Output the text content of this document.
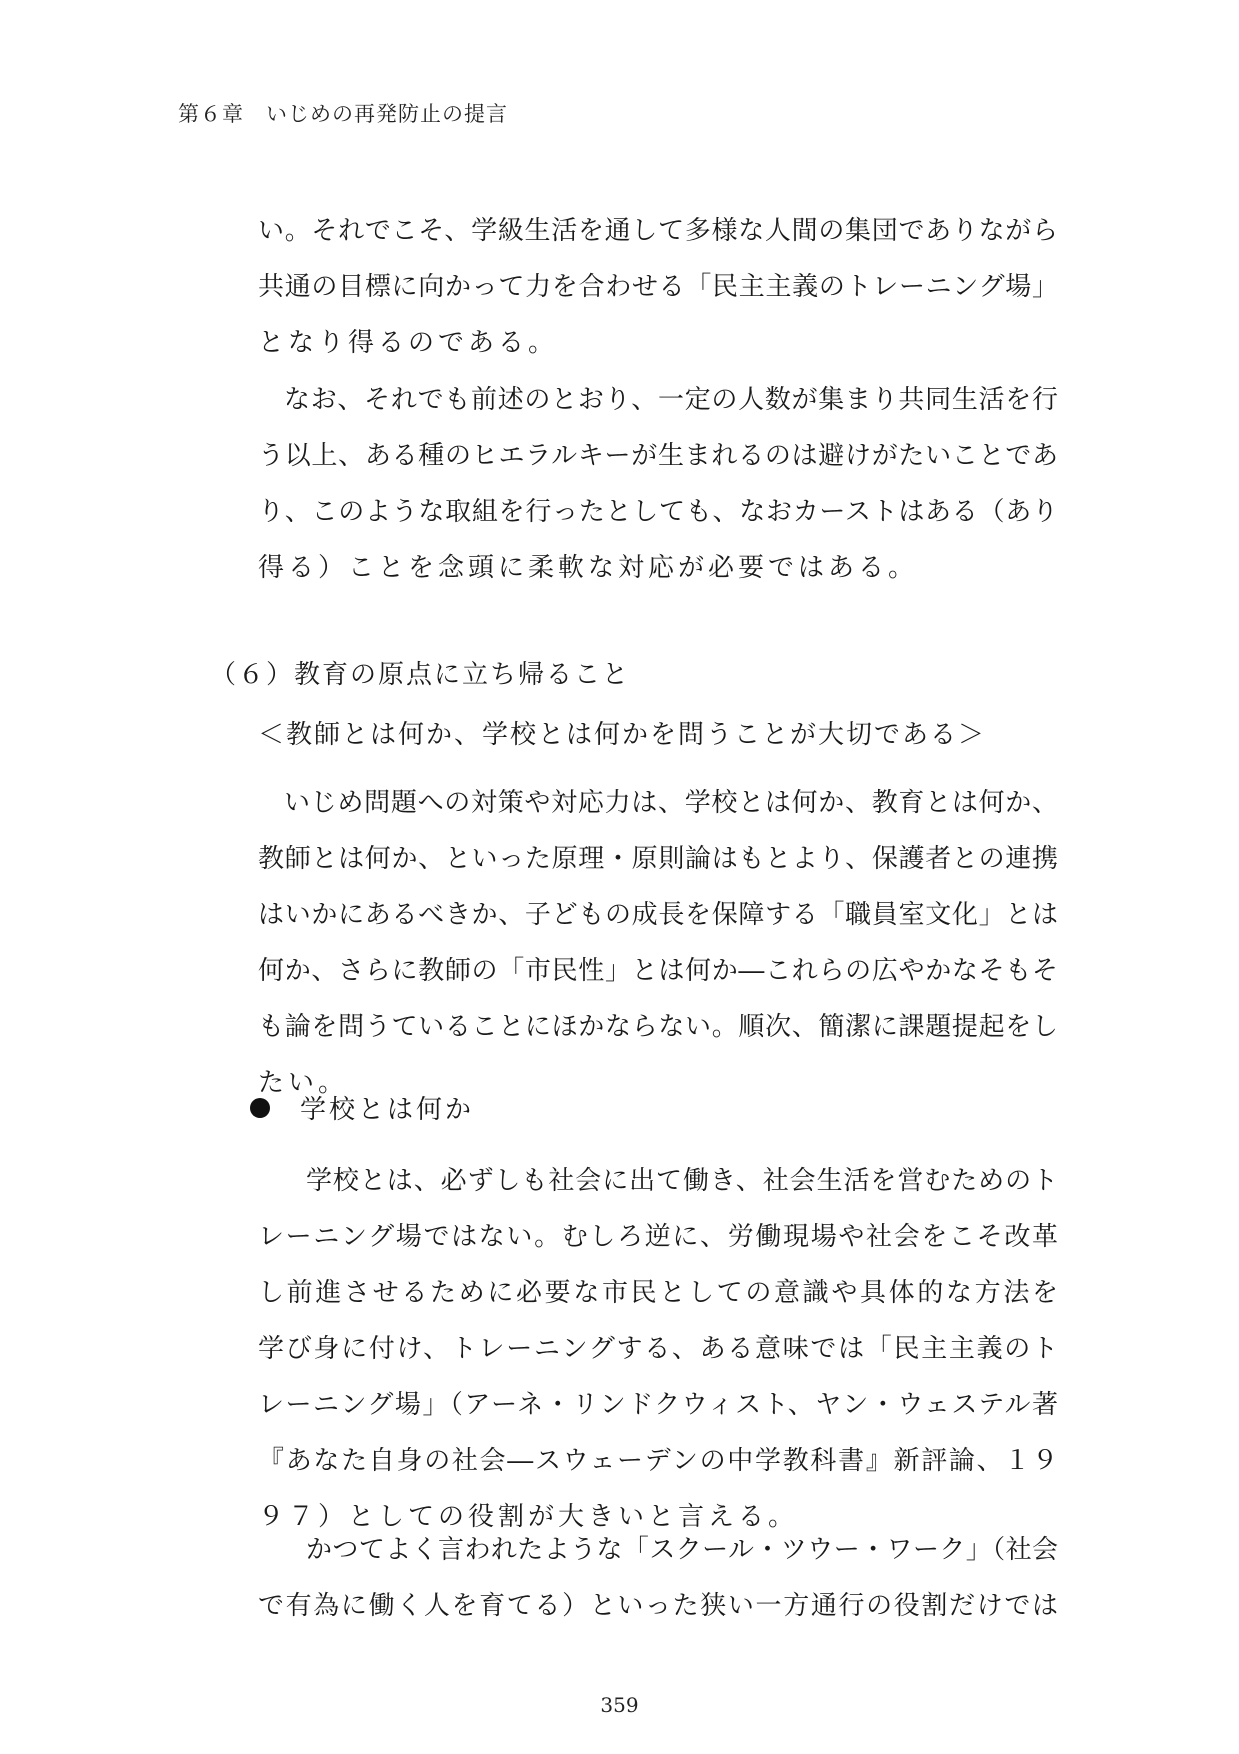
第６章　いじめの再発防止の提言
い。それでこそ、学級生活を通して多様な人間の集団でありながら
共通の目標に向かって力を合わせる「民主主義のトレーニング場」
となり得るのである。
なお、それでも前述のとおり、一定の人数が集まり共同生活を行
う以上、ある種のヒエラルキーが生まれるのは避けがたいことであ
り、このような取組を行ったとしても、なおカーストはある（あり
得る）ことを念頭に柔軟な対応が必要ではある。
（６）教育の原点に立ち帰ること
＜教師とは何か、学校とは何かを問うことが大切である＞
いじめ問題への対策や対応力は、学校とは何か、教育とは何か、
教師とは何か、といった原理・原則論はもとより、保護者との連携
はいかにあるべきか、子どもの成長を保障する「職員室文化」とは
何か、さらに教師の「市民性」とは何か―これらの広やかなそもそ
も論を問うていることにほかならない。順次、簡潔に課題提起をし
たい。
学校とは何か
学校とは、必ずしも社会に出て働き、社会生活を営むためのト
レーニング場ではない。むしろ逆に、労働現場や社会をこそ改革
し前進させるために必要な市民としての意識や具体的な方法を
学び身に付け、トレーニングする、ある意味では「民主主義のト
レーニング場」（アーネ・リンドクウィスト、ヤン・ウェステル著
『あなた自身の社会―スウェーデンの中学教科書』新評論、１９
９７）としての役割が大きいと言える。
かつてよく言われたような「スクール・ツウー・ワーク」（社会
で有為に働く人を育てる）といった狭い一方通行の役割だけでは
359
